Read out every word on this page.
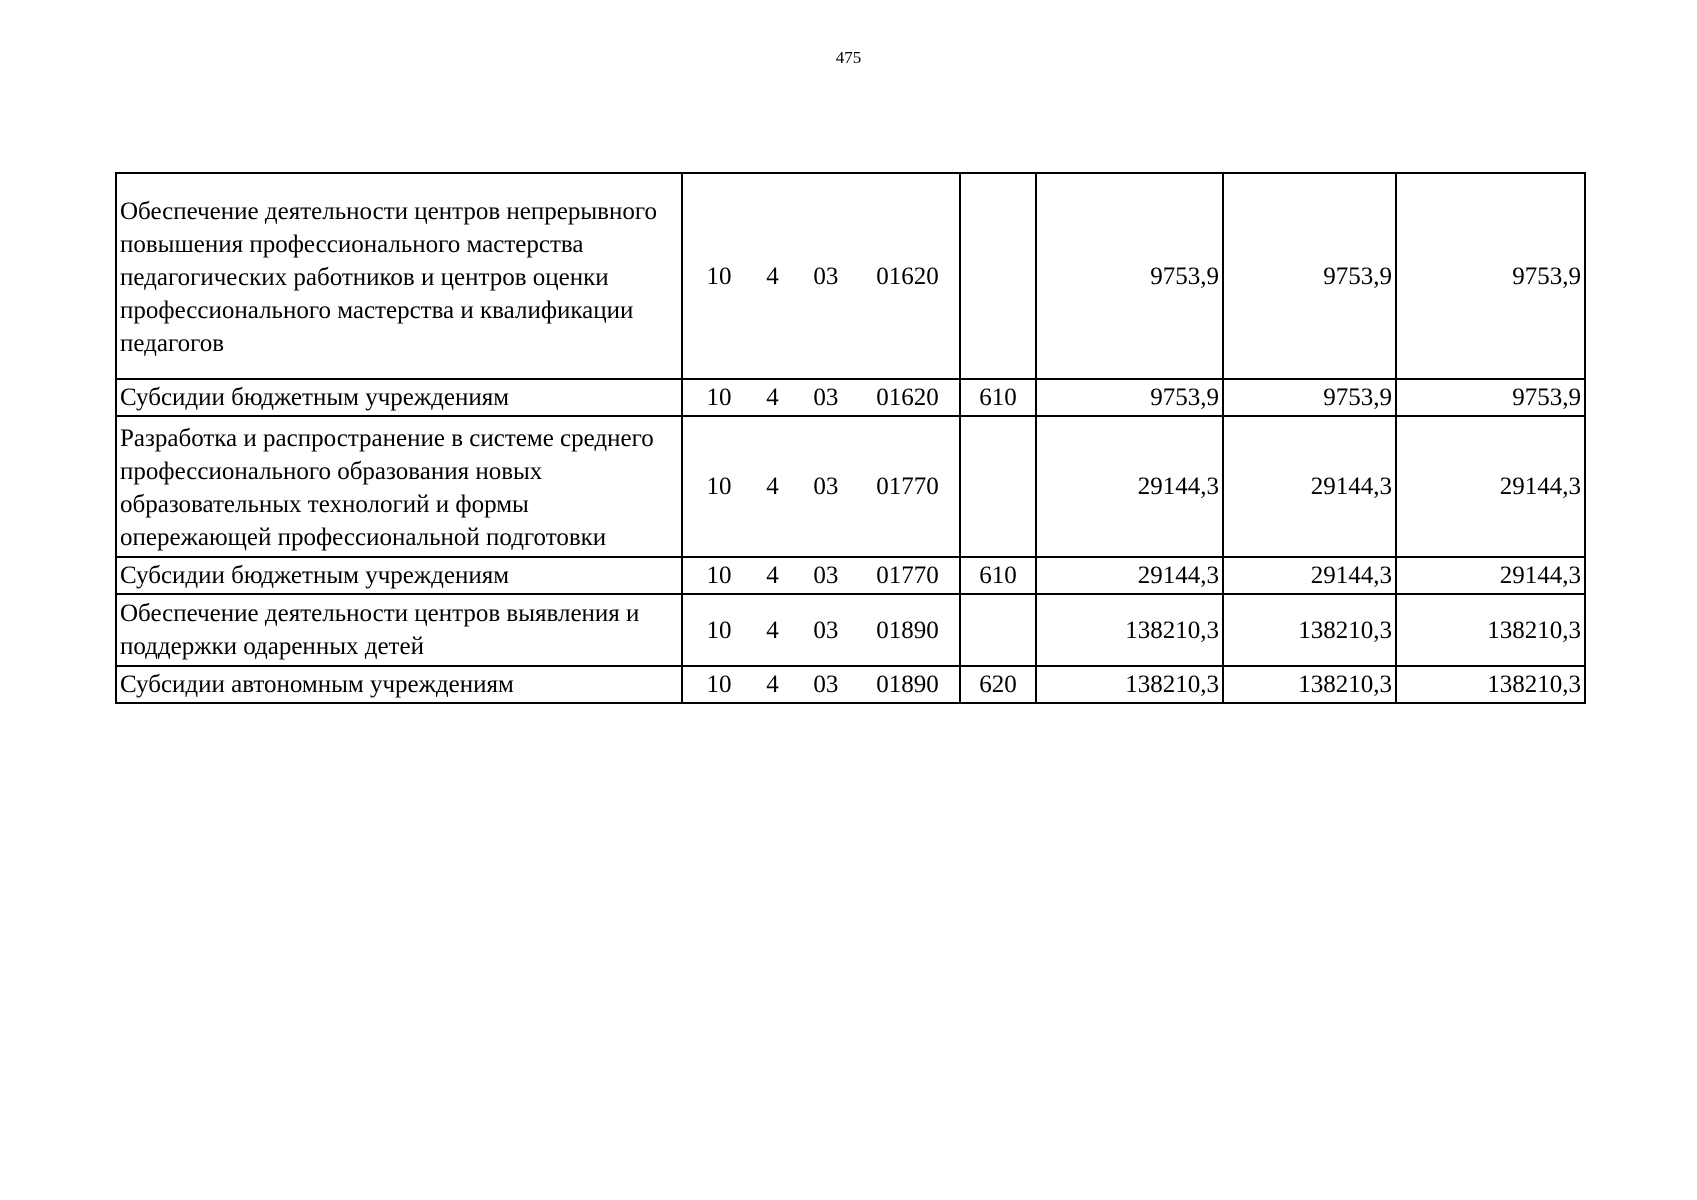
475
Обеспечение деятельности центров непрерывного повышения профессионального мастерства педагогических работников и центров оценки профессионального мастерства и квалификации педагогов	10 4 03 01620		9753,9	9753,9	9753,9
Субсидии бюджетным учреждениям	10 4 03 01620	610	9753,9	9753,9	9753,9
Разработка и распространение в системе среднего профессионального образования новых образовательных технологий и формы опережающей профессиональной подготовки	10 4 03 01770		29144,3	29144,3	29144,3
Субсидии бюджетным учреждениям	10 4 03 01770	610	29144,3	29144,3	29144,3
Обеспечение деятельности центров выявления и поддержки одаренных детей	10 4 03 01890		138210,3	138210,3	138210,3
Субсидии автономным учреждениям	10 4 03 01890	620	138210,3	138210,3	138210,3
